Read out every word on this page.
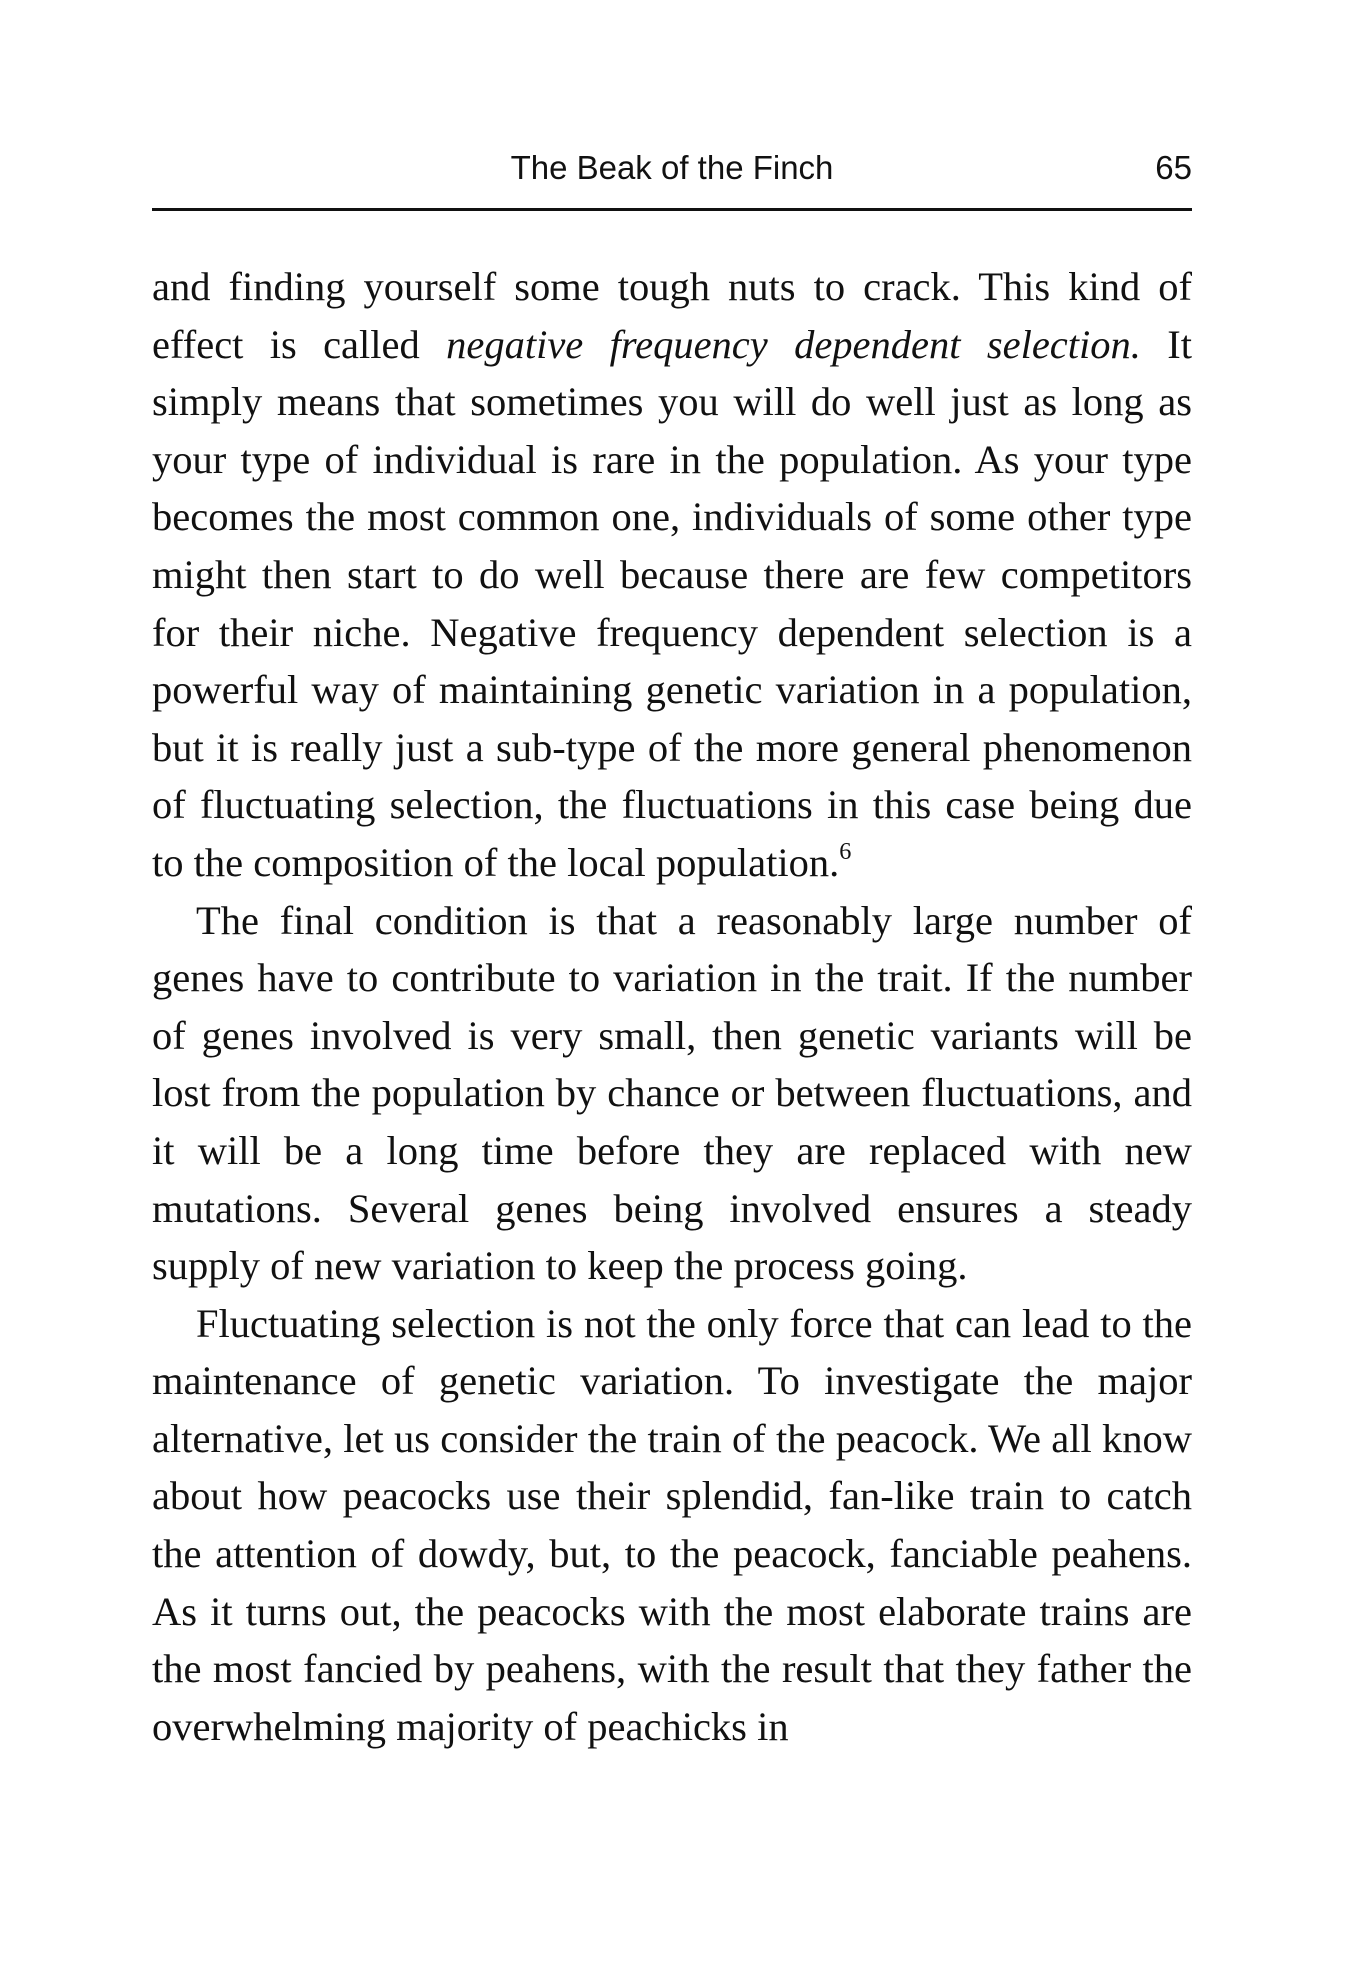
The Beak of the Finch	65

and finding yourself some tough nuts to crack. This kind of effect is called negative frequency dependent selection. It simply means that sometimes you will do well just as long as your type of individual is rare in the population. As your type becomes the most common one, individuals of some other type might then start to do well because there are few competitors for their niche. Negative frequency dependent selection is a powerful way of maintaining genetic variation in a population, but it is really just a sub-type of the more general phenomenon of fluctuating selection, the fluctuations in this case being due to the composition of the local population.$^6$

The final condition is that a reasonably large number of genes have to contribute to variation in the trait. If the number of genes involved is very small, then genetic variants will be lost from the population by chance or between fluctuations, and it will be a long time before they are replaced with new mutations. Several genes being involved ensures a steady supply of new variation to keep the process going.

Fluctuating selection is not the only force that can lead to the maintenance of genetic variation. To investigate the major alternative, let us consider the train of the peacock. We all know about how peacocks use their splendid, fan-like train to catch the attention of dowdy, but, to the peacock, fanciable peahens. As it turns out, the peacocks with the most elaborate trains are the most fancied by peahens, with the result that they father the overwhelming majority of peachicks in
